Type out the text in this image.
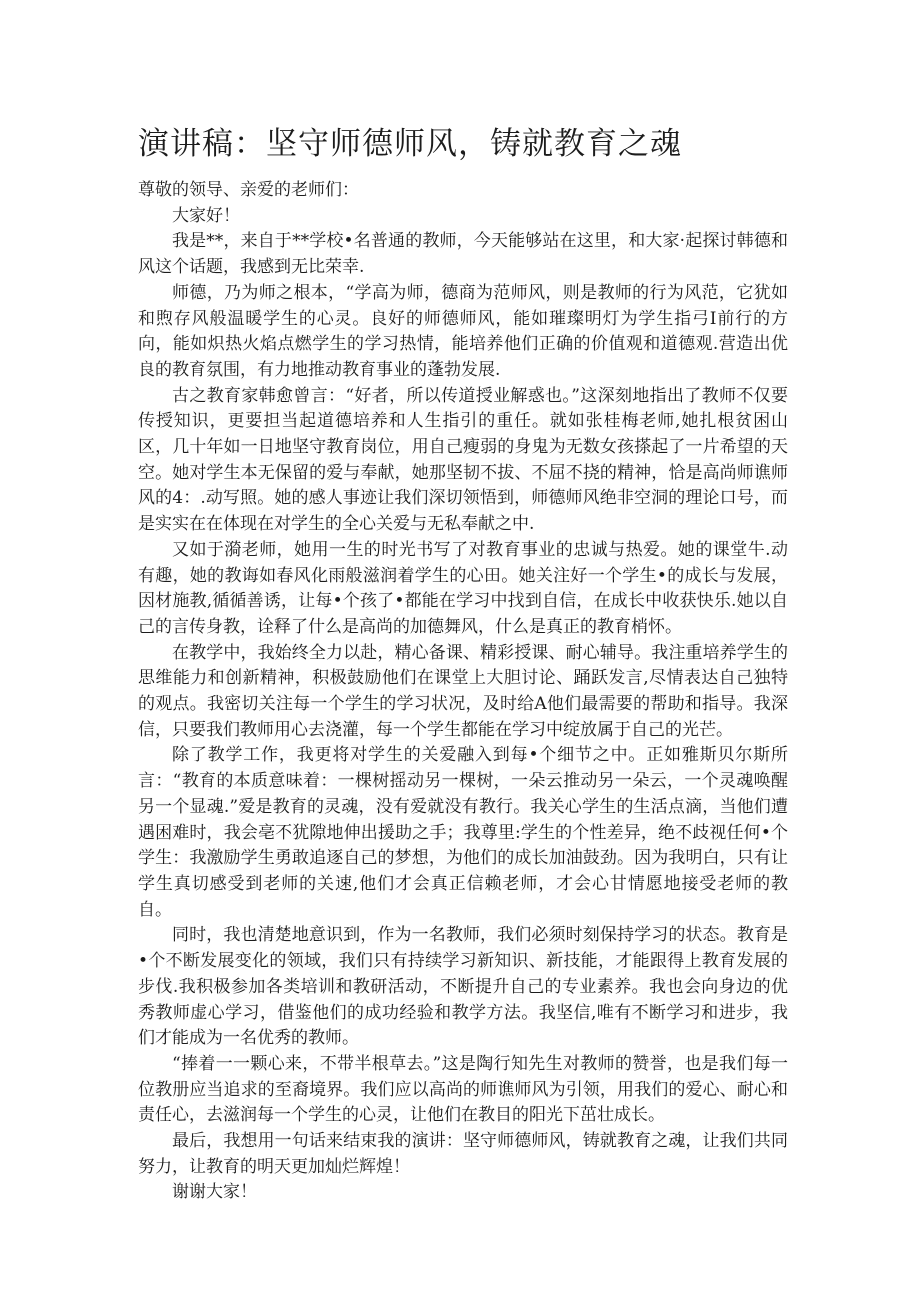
演讲稿：坚守师德师风，铸就教育之魂

尊敬的领导、亲爱的老师们：

大家好！

我是**，来自于**学校•名普通的教师，今天能够站在这里，和大家·起探讨韩德和风这个话题，我感到无比荣幸.

师德，乃为师之根本，“学高为师，德商为范师风，则是教师的行为风范，它犹如和煦存风般温暖学生的心灵。良好的师德师风，能如璀璨明灯为学生指弓I前行的方向，能如炽热火焰点燃学生的学习热情，能培养他们正确的价值观和道德观.营造出优良的教育氛围，有力地推动教育事业的蓬勃发展.

古之教育家韩愈曾言：“好者，所以传道授业解惑也。”这深刻地指出了教师不仅要传授知识，更要担当起道德培养和人生指引的重任。就如张桂梅老师,她扎根贫困山区，几十年如一日地坚守教育岗位，用自己瘦弱的身鬼为无数女孩搽起了一片希望的天空。她对学生本无保留的爱与奉献，她那坚韧不拔、不屈不挠的精神，恰是高尚师谯师风的4：.动写照。她的感人事迹让我们深切领悟到，师德师风绝非空洞的理论口号，而是实实在在体现在对学生的全心关爱与无私奉献之中.

又如于漪老师，她用一生的时光书写了对教育事业的忠诚与热爱。她的课堂牛.动有趣，她的教诲如春风化雨般滋润着学生的心田。她关注好一个学生•的成长与发展，因材施教,循循善诱，让每•个孩了•都能在学习中找到自信，在成长中收获快乐.她以自己的言传身教，诠释了什么是高尚的加德舞风，什么是真正的教育梢怀。

在教学中，我始终全力以赴，精心备课、精彩授课、耐心辅导。我注重培养学生的思维能力和创新精神，积极鼓励他们在课堂上大胆讨论、踊跃发言,尽情表达自己独特的观点。我密切关注每一个学生的学习状况，及时给A他们最需要的帮助和指导。我深信，只要我们教师用心去浇灌，每一个学生都能在学习中绽放属于自己的光芒。

除了教学工作，我更将对学生的关爱融入到每•个细节之中。正如雅斯贝尔斯所言：“教育的本质意味着：一棵树摇动另一棵树，一朵云推动另一朵云，一个灵魂唤醒另一个显魂.”爱是教育的灵魂，没有爱就没有教行。我关心学生的生活点滴，当他们遭遇困难时，我会亳不犹隙地伸出援助之手；我尊里:学生的个性差异，绝不歧视任何•个学生：我激励学生勇敢追逐自己的梦想，为他们的成长加油鼓劲。因为我明白，只有让学生真切感受到老师的关速,他们才会真正信赖老师，才会心甘情愿地接受老师的教自。

同时，我也清楚地意识到，作为一名教师，我们必须时刻保持学习的状态。教育是•个不断发展变化的领域，我们只有持续学习新知识、新技能，才能跟得上教育发展的步伐.我积极参加各类培训和教研活动，不断提升自己的专业素养。我也会向身边的优秀教师虚心学习，借鉴他们的成功经验和教学方法。我坚信,唯有不断学习和进步，我们才能成为一名优秀的教师。

“捧着一一颗心来，不带半根草去。”这是陶行知先生对教师的赞誉，也是我们每一位教册应当追求的至裔境界。我们应以高尚的师谯师风为引领，用我们的爱心、耐心和责任心，去滋润每一个学生的心灵，让他们在教目的阳光下茁壮成长。

最后，我想用一句话来结束我的演讲：坚守师德师风，铸就教育之魂，让我们共同努力，让教育的明天更加灿烂辉煌！

谢谢大家！
